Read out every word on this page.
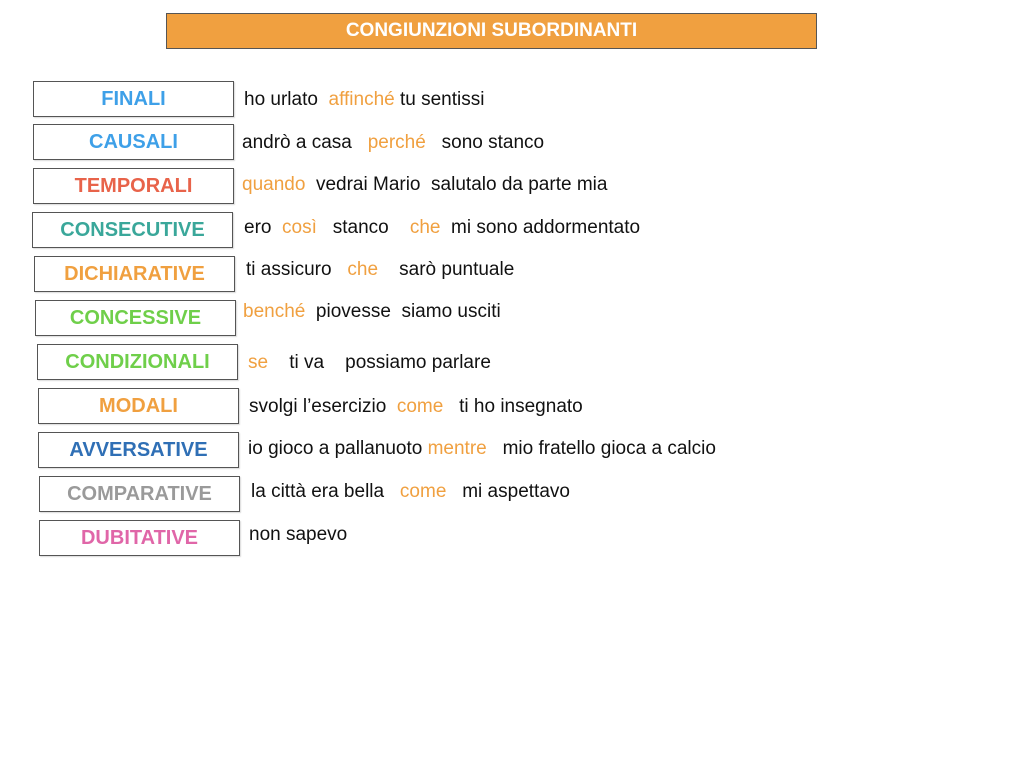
CONGIUNZIONI SUBORDINANTI
FINALI	ho urlato  affinché tu sentissi
CAUSALI	andrò a casa   perché   sono stanco
TEMPORALI	quando  vedrai Mario  salutalo da parte mia
CONSECUTIVE	ero  così   stanco    che  mi sono addormentato
DICHIARATIVE	ti assicuro   che    sarò puntuale
CONCESSIVE	benché  piovesse  siamo usciti
CONDIZIONALI	se    ti va    possiamo parlare
MODALI	svolgi l’esercizio  come   ti ho insegnato
AVVERSATIVE	io gioco a pallanuoto mentre   mio fratello gioca a calcio
COMPARATIVE	la città era bella   come   mi aspettavo
DUBITATIVE	non sapevo
